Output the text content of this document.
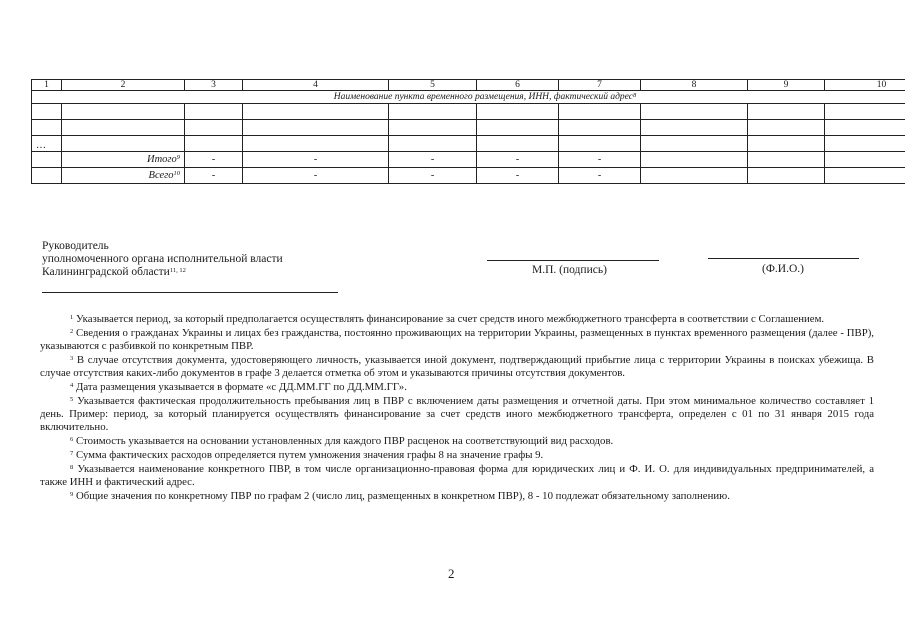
1	2	3	4	5	6	7	8	9	10
Наименование пункта временного размещения, ИНН, фактический адрес$^8$

…									
	Итого$^9$	-	-	-	-	-			
	Всего$^{10}$	-	-	-	-	-			
Руководитель
уполномоченного органа исполнительной власти
Калининградской области$^{11, 12}$	М.П. (подпись)	(Ф.И.О.)

$^1$ Указывается период, за который предполагается осуществлять финансирование за счет средств иного межбюджетного трансферта в соответствии с Соглашением.

$^2$ Сведения о гражданах Украины и лицах без гражданства, постоянно проживающих на территории Украины, размещенных в пунктах временного размещения (далее - ПВР), указываются с разбивкой по конкретным ПВР.

$^3$ В случае отсутствия документа, удостоверяющего личность, указывается иной документ, подтверждающий прибытие лица с территории Украины в поисках убежища. В случае отсутствия каких-либо документов в графе 3 делается отметка об этом и указываются причины отсутствия документов.

$^4$ Дата размещения указывается в формате «с ДД.ММ.ГГ по ДД.ММ.ГГ».

$^5$ Указывается фактическая продолжительность пребывания лиц в ПВР с включением даты размещения и отчетной даты. При этом минимальное количество составляет 1 день. Пример: период, за который планируется осуществлять финансирование за счет средств иного межбюджетного трансферта, определен с 01 по 31 января 2015 года включительно.

$^6$ Стоимость указывается на основании установленных для каждого ПВР расценок на соответствующий вид расходов.

$^7$ Сумма фактических расходов определяется путем умножения значения графы 8 на значение графы 9.

$^8$ Указывается наименование конкретного ПВР, в том числе организационно-правовая форма для юридических лиц и Ф. И. О. для индивидуальных предпринимателей, а также ИНН и фактический адрес.

$^9$ Общие значения по конкретному ПВР по графам 2 (число лиц, размещенных в конкретном ПВР), 8 - 10 подлежат обязательному заполнению.

2
